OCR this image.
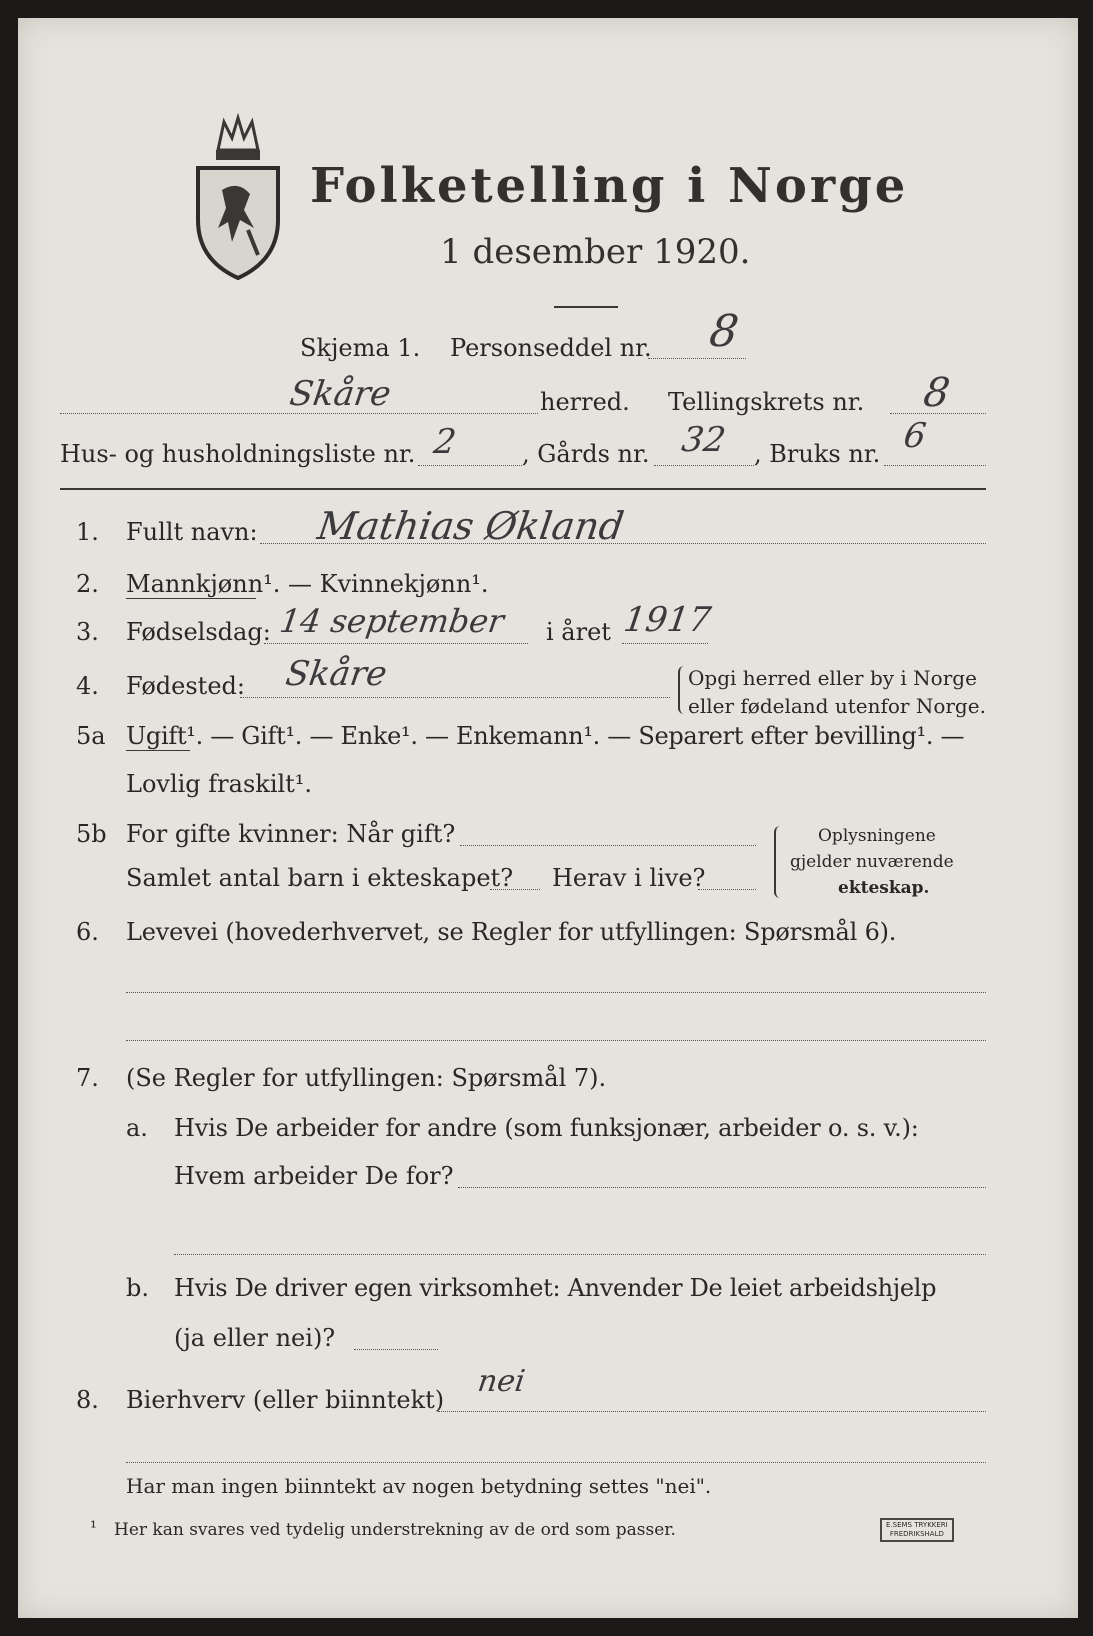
Folketelling i Norge
1 desember 1920.
Skjema 1. Personseddel nr. 8
Skåre	herred. Tellingskrets nr. 8
Hus- og husholdningsliste nr. 2	, Gårds nr. 32 , Bruks nr. 6
1. Fullt navn: Mathias Økland
2. Mannkjønn¹. — Kvinnekjønn¹.
3. Fødselsdag: 14 september i året 1917
4. Fødested: Skåre	Opgi herred eller by i Norge
eller fødeland utenfor Norge.
5a Ugift¹. — Gift¹. — Enke¹. — Enkemann¹. — Separert efter bevilling¹. —
Lovlig fraskilt¹.
5b For gifte kvinner: Når gift?
Samlet antal barn i ekteskapet? Herav i live?
Oplysningene
gjelder nuværende
ekteskap.
6. Levevei (hovederhvervet, se Regler for utfyllingen: Spørsmål 6).
7. (Se Regler for utfyllingen: Spørsmål 7).
a. Hvis De arbeider for andre (som funksjonær, arbeider o. s. v.):
Hvem arbeider De for?
b. Hvis De driver egen virksomhet: Anvender De leiet arbeidshjelp
(ja eller nei)?
8. Bierhverv (eller biinntekt)
nei
Har man ingen biinntekt av nogen betydning settes "nei".
¹ Her kan svares ved tydelig understrekning av de ord som passer.	E.SEMS TRYKKERI
FREDRIKSHALD
